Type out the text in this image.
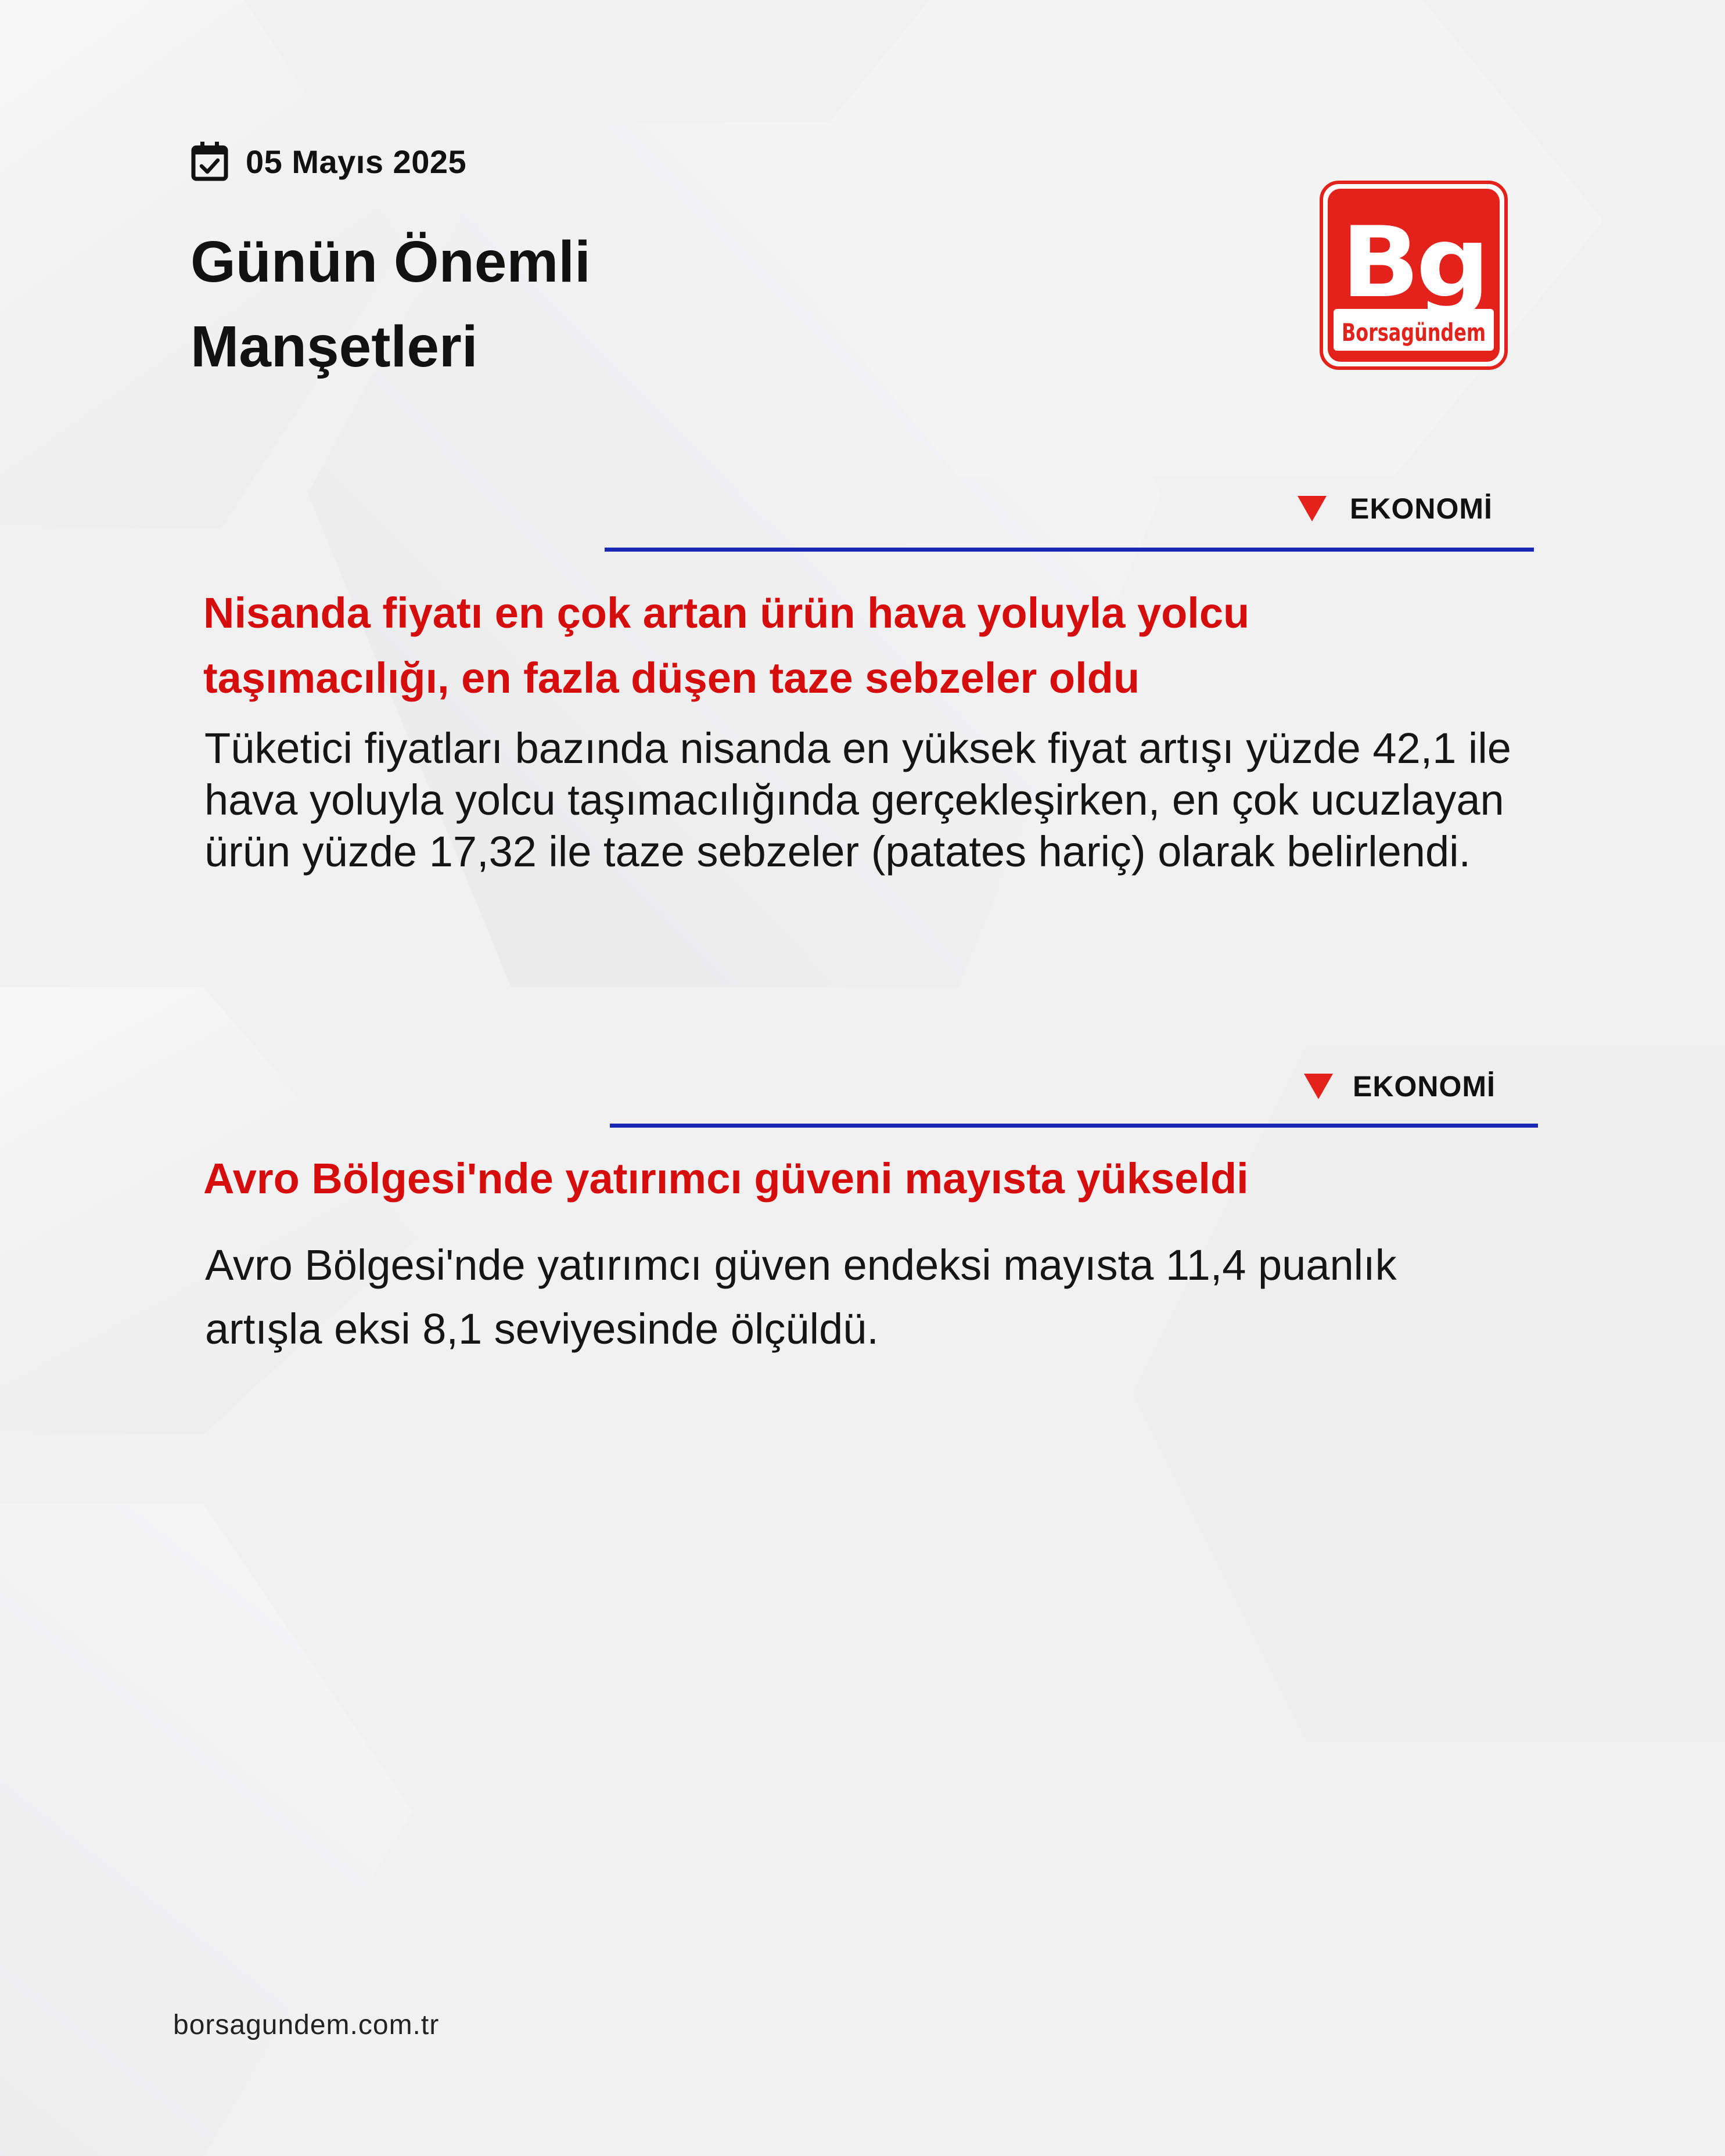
05 Mayıs 2025
Günün Önemli Manşetleri
Bg
Borsagündem
EKONOMİ
Nisanda fiyatı en çok artan ürün hava yoluyla yolcu taşımacılığı, en fazla düşen taze sebzeler oldu

Tüketici fiyatları bazında nisanda en yüksek fiyat artışı yüzde 42,1 ile hava yoluyla yolcu taşımacılığında gerçekleşirken, en çok ucuzlayan ürün yüzde 17,32 ile taze sebzeler (patates hariç) olarak belirlendi.

EKONOMİ
Avro Bölgesi'nde yatırımcı güveni mayısta yükseldi

Avro Bölgesi'nde yatırımcı güven endeksi mayısta 11,4 puanlık artışla eksi 8,1 seviyesinde ölçüldü.

borsagundem.com.tr
